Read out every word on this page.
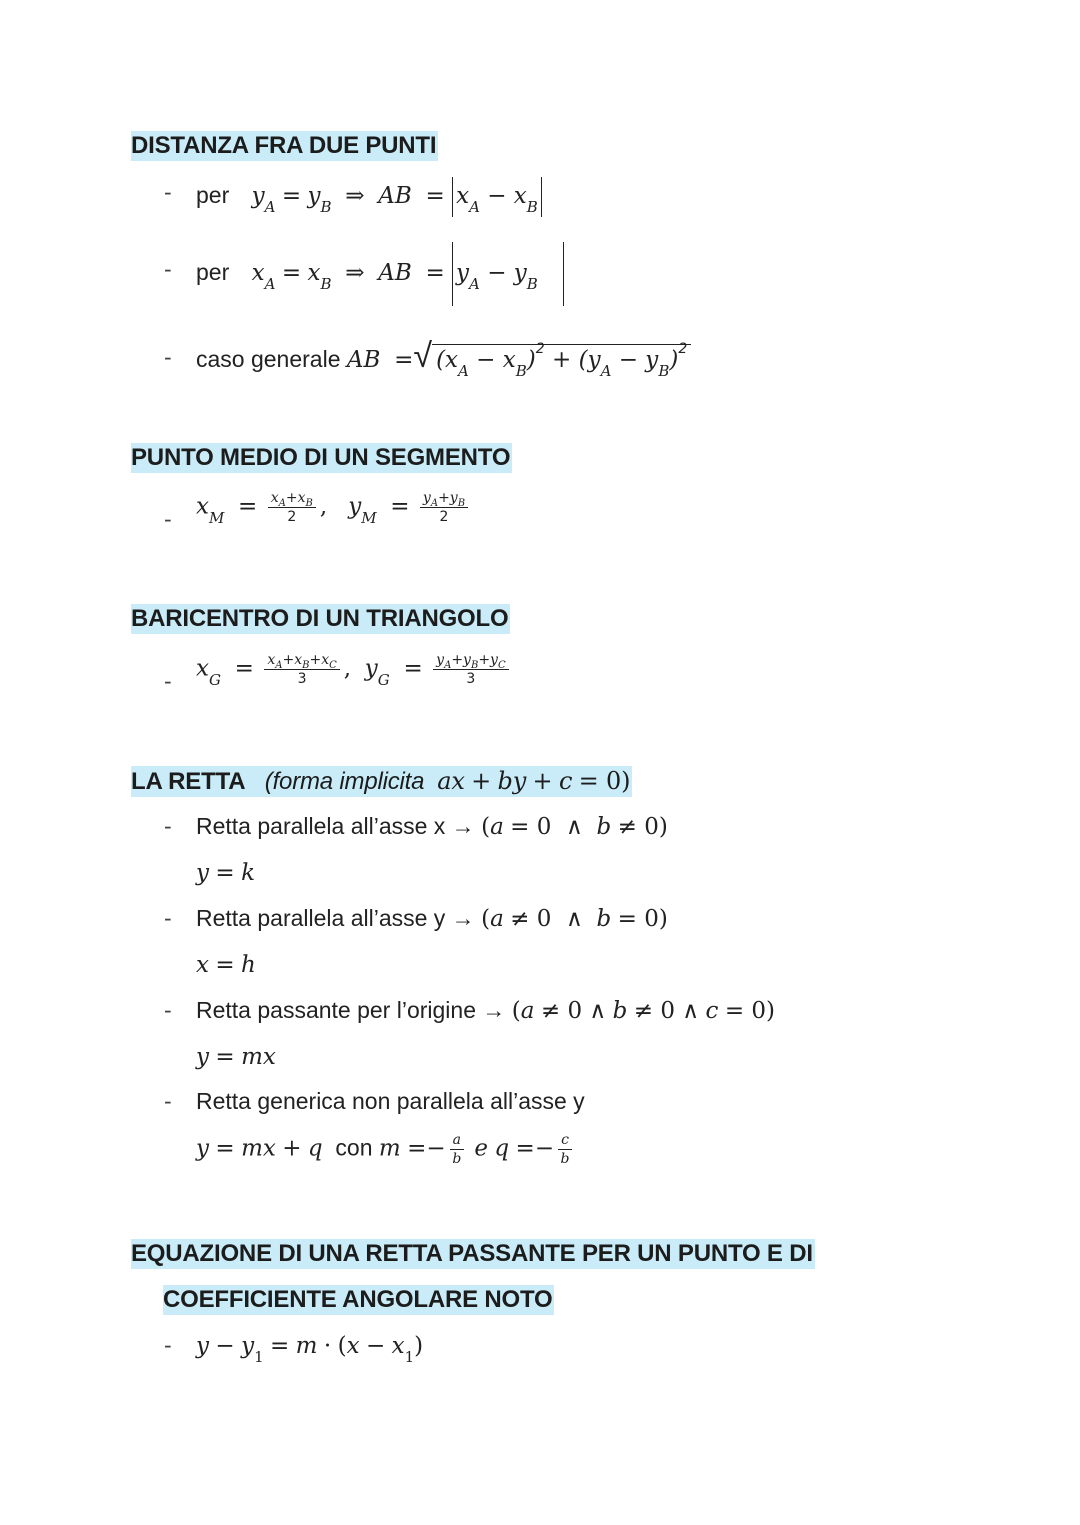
DISTANZA FRA DUE PUNTI
- per $y_A = y_B$  ⇒  AB  = $x_A - x_B$
- per $x_A = x_B$  ⇒  AB  = $y_A - y_B$
- caso generale AB  =√ $(x_A - x_B)^2 + (y_A - y_B)^2$
PUNTO MEDIO DI UN SEGMENTO
- $x_M = \frac{x_A+x_B}{2}$ ,   $y_M = \frac{y_A+y_B}{2}$
BARICENTRO DI UN TRIANGOLO
- $x_G = \frac{x_A+x_B+x_C}{3}$ ,  $y_G = \frac{y_A+y_B+y_C}{3}$
LA RETTA (forma implicita ax + by + c = 0)
- Retta parallela all’asse x → (a = 0  ∧  b ≠ 0)
y = k
- Retta parallela all’asse y → (a ≠ 0  ∧  b = 0)
x = h
- Retta passante per l’origine → (a ≠ 0 ∧ b ≠ 0 ∧ c = 0)
y = mx
- Retta generica non parallela all’asse y
y = mx + q con $m =- \frac{a}{b}$ e $q =- \frac{c}{b}$
EQUAZIONE DI UNA RETTA PASSANTE PER UN PUNTO E DI
COEFFICIENTE ANGOLARE NOTO
- $y - y_1 = m \cdot (x - x_1)$
